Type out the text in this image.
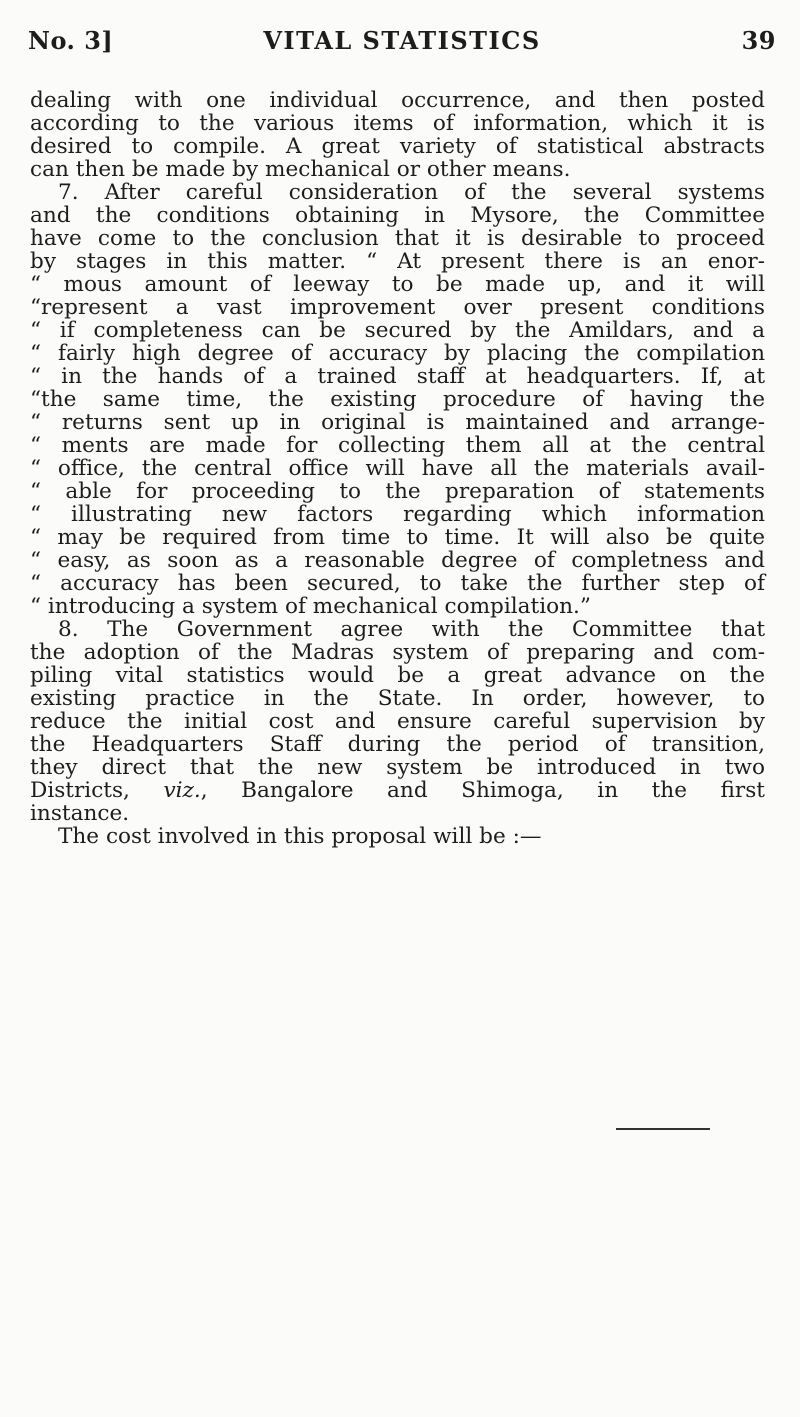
No. 3]	VITAL STATISTICS	39
dealing with one individual occurrence, and then posted
according to the various items of information, which it is
desired to compile. A great variety of statistical abstracts
can then be made by mechanical or other means.
7. After careful consideration of the several systems
and the conditions obtaining in Mysore, the Committee
have come to the conclusion that it is desirable to proceed
by stages in this matter. “ At present there is an enor-
“ mous amount of leeway to be made up, and it will
“represent a vast improvement over present conditions
“ if completeness can be secured by the Amildars, and a
“ fairly high degree of accuracy by placing the compilation
“ in the hands of a trained staff at headquarters. If, at
“the same time, the existing procedure of having the
“ returns sent up in original is maintained and arrange-
“ ments are made for collecting them all at the central
“ office, the central office will have all the materials avail-
“ able for proceeding to the preparation of statements
“ illustrating new factors regarding which information
“ may be required from time to time. It will also be quite
“ easy, as soon as a reasonable degree of completness and
“ accuracy has been secured, to take the further step of
“ introducing a system of mechanical compilation.”
8. The Government agree with the Committee that
the adoption of the Madras system of preparing and com-
piling vital statistics would be a great advance on the
existing practice in the State. In order, however, to
reduce the initial cost and ensure careful supervision by
the Headquarters Staff during the period of transition,
they direct that the new system be introduced in two
Districts, viz., Bangalore and Shimoga, in the first
instance.
The cost involved in this proposal will be :—
